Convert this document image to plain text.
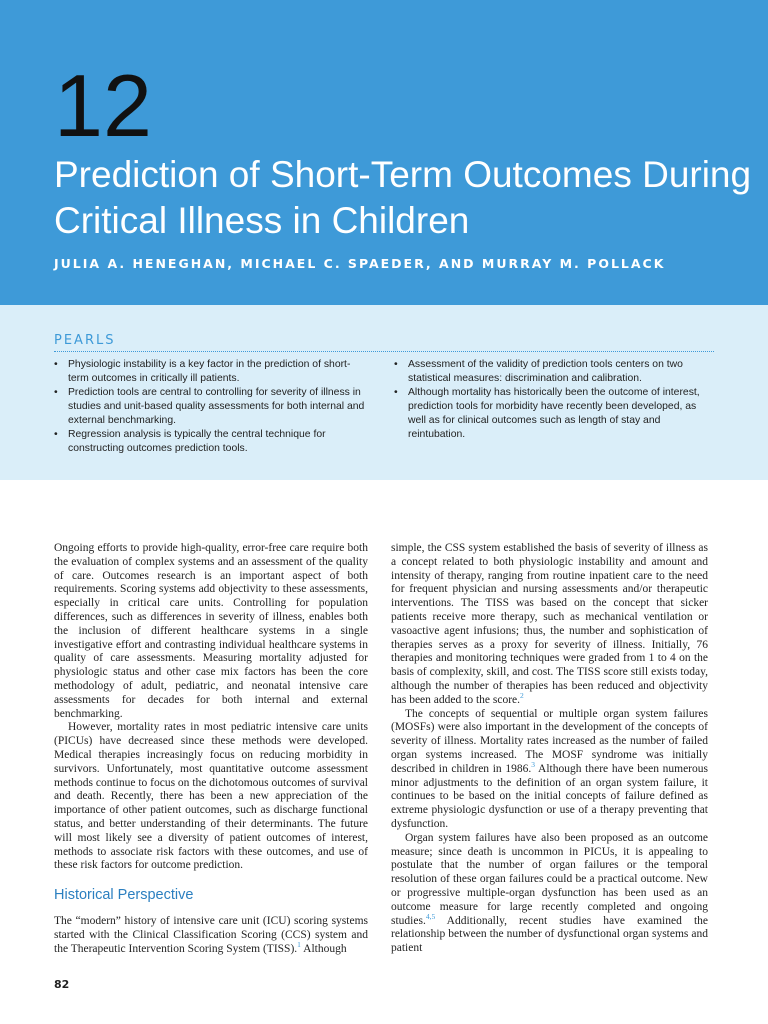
12
Prediction of Short-Term Outcomes During
Critical Illness in Children
JULIA A. HENEGHAN, MICHAEL C. SPAEDER, AND MURRAY M. POLLACK
PEARLS
• Physiologic instability is a key factor in the prediction of short-term outcomes in critically ill patients.
• Prediction tools are central to controlling for severity of illness in studies and unit-based quality assessments for both internal and external benchmarking.
• Regression analysis is typically the central technique for constructing outcomes prediction tools.
• Assessment of the validity of prediction tools centers on two statistical measures: discrimination and calibration.
• Although mortality has historically been the outcome of interest, prediction tools for morbidity have recently been developed, as well as for clinical outcomes such as length of stay and reintubation.

Ongoing efforts to provide high-quality, error-free care require both the evaluation of complex systems and an assessment of the quality of care. Outcomes research is an important aspect of both requirements. Scoring systems add objectivity to these assessments, especially in critical care units. Controlling for population differences, such as differences in severity of illness, enables both the inclusion of different healthcare systems in a single investigative effort and contrasting individual healthcare systems in quality of care assessments. Measuring mortality adjusted for physiologic status and other case mix factors has been the core methodology of adult, pediatric, and neonatal intensive care assessments for decades for both internal and external benchmarking.

However, mortality rates in most pediatric intensive care units (PICUs) have decreased since these methods were developed. Medical therapies increasingly focus on reducing morbidity in survivors. Unfortunately, most quantitative outcome assessment methods continue to focus on the dichotomous outcomes of survival and death. Recently, there has been a new appreciation of the importance of other patient outcomes, such as discharge functional status, and better understanding of their determinants. The future will most likely see a diversity of patient outcomes of interest, methods to associate risk factors with these outcomes, and use of these risk factors for outcome prediction.

Historical Perspective

The “modern” history of intensive care unit (ICU) scoring systems started with the Clinical Classification Scoring (CCS) system and the Therapeutic Intervention Scoring System (TISS).$^1$ Although

simple, the CSS system established the basis of severity of illness as a concept related to both physiologic instability and amount and intensity of therapy, ranging from routine inpatient care to the need for frequent physician and nursing assessments and/or therapeutic interventions. The TISS was based on the concept that sicker patients receive more therapy, such as mechanical ventilation or vasoactive agent infusions; thus, the number and sophistication of therapies serves as a proxy for severity of illness. Initially, 76 therapies and monitoring techniques were graded from 1 to 4 on the basis of complexity, skill, and cost. The TISS score still exists today, although the number of therapies has been reduced and objectivity has been added to the score.$^2$

The concepts of sequential or multiple organ system failures (MOSFs) were also important in the development of the concepts of severity of illness. Mortality rates increased as the number of failed organ systems increased. The MOSF syndrome was initially described in children in 1986.$^3$ Although there have been numerous minor adjustments to the definition of an organ system failure, it continues to be based on the initial concepts of failure defined as extreme physiologic dysfunction or use of a therapy preventing that dysfunction.

Organ system failures have also been proposed as an outcome measure; since death is uncommon in PICUs, it is appealing to postulate that the number of organ failures or the temporal resolution of these organ failures could be a practical outcome. New or progressive multiple-organ dysfunction has been used as an outcome measure for large recently completed and ongoing studies.$^{4,5}$ Additionally, recent studies have examined the relationship between the number of dysfunctional organ systems and patient

82
